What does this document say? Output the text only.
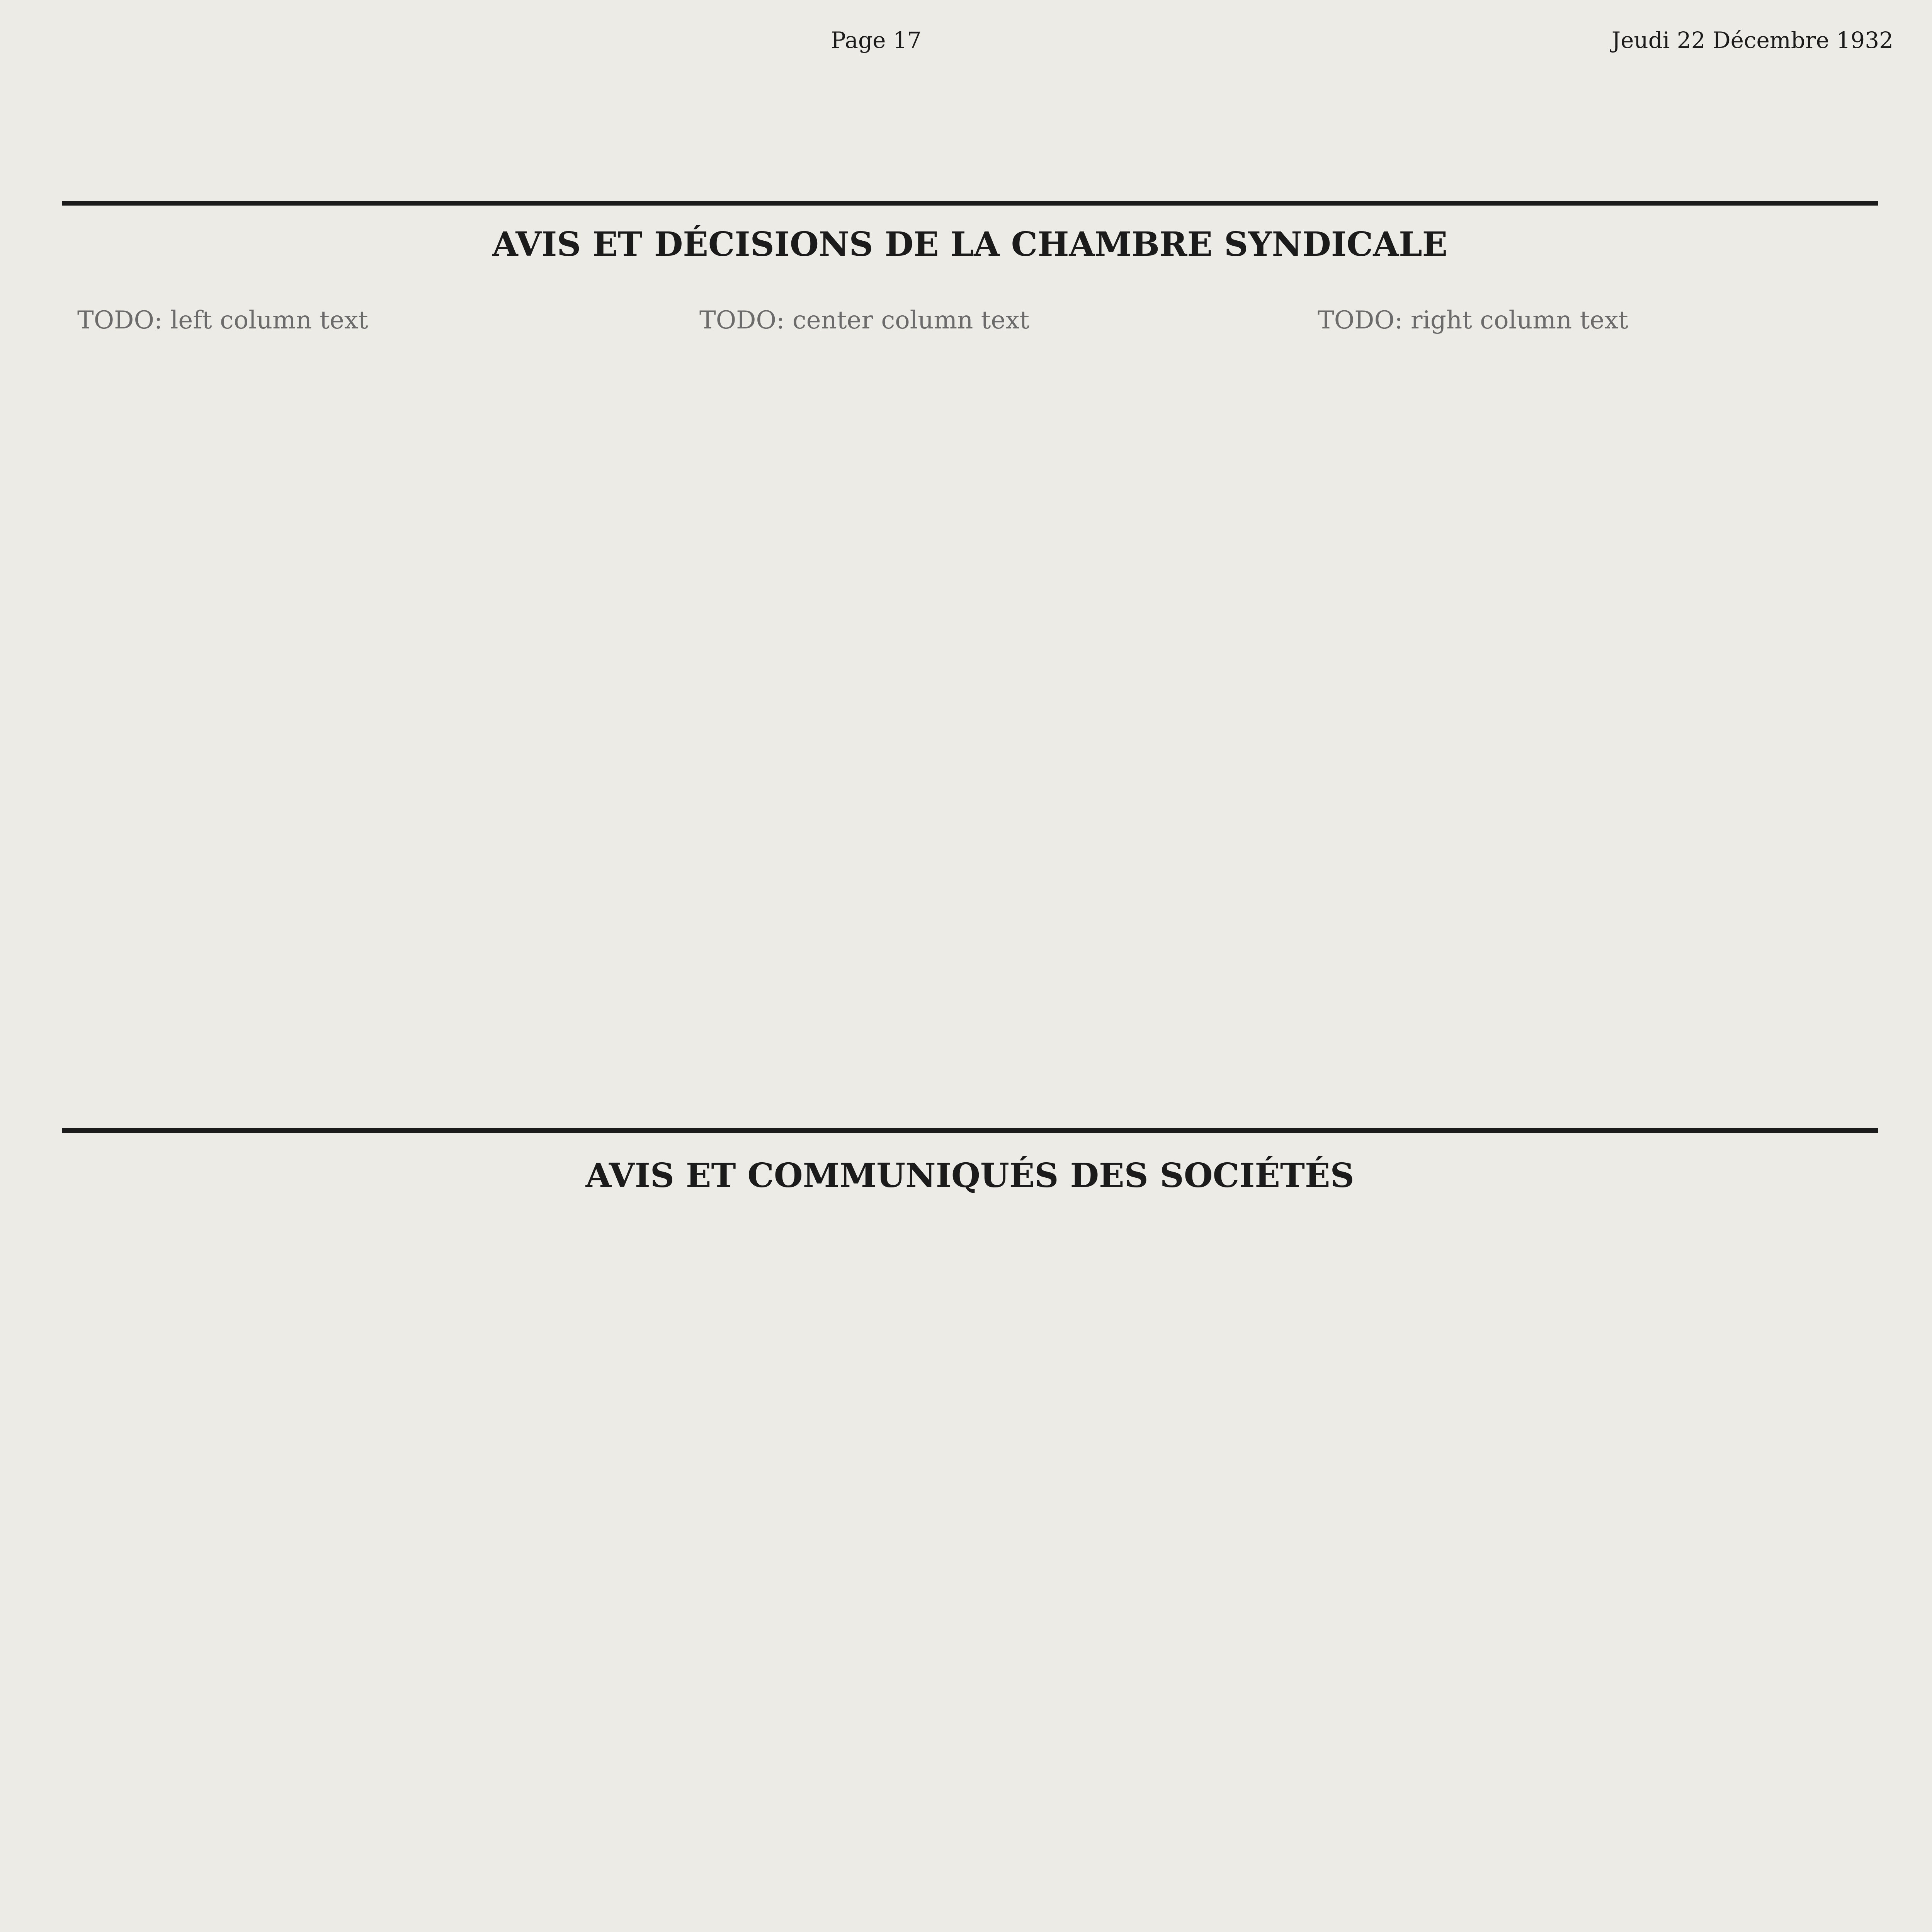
Page 17	Jeudi 22 Décembre 1932
AVIS ET DÉCISIONS DE LA CHAMBRE SYNDICALE
TODO: left column text	TODO: center column text	TODO: right column text
AVIS ET COMMUNIQUÉS DES SOCIÉTÉS
